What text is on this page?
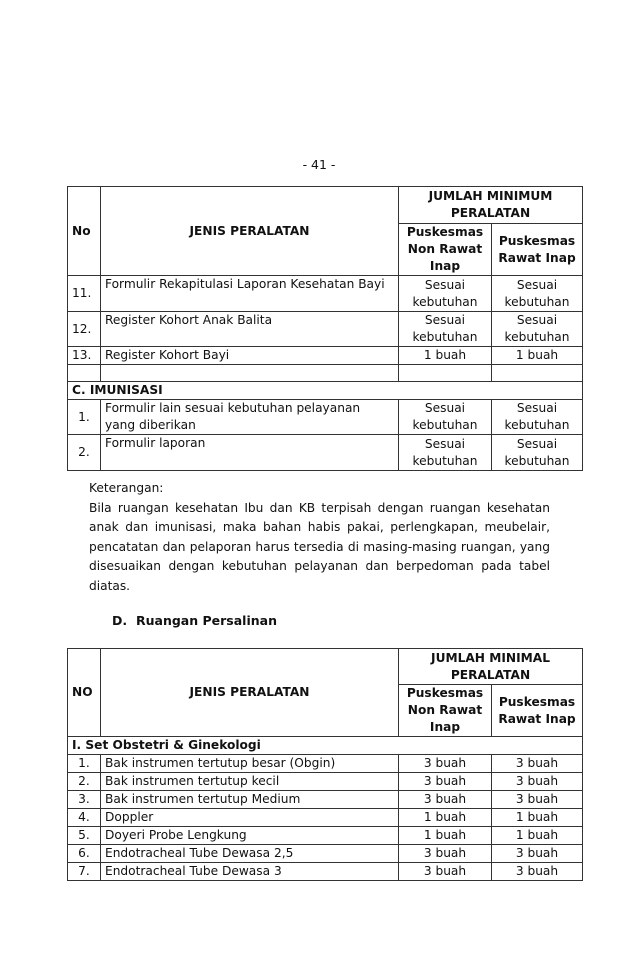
- 41 -
No	JENIS PERALATAN	JUMLAH MINIMUM PERALATAN	
		Puskesmas Non Rawat Inap	Puskesmas Rawat Inap
11.	Formulir Rekapitulasi Laporan Kesehatan Bayi	Sesuai kebutuhan	Sesuai kebutuhan
12.	Register Kohort Anak Balita	Sesuai kebutuhan	Sesuai kebutuhan
13.	Register Kohort Bayi	1 buah	1 buah

C. IMUNISASI			
1.	Formulir lain sesuai kebutuhan pelayanan yang diberikan	Sesuai kebutuhan	Sesuai kebutuhan
2.	Formulir laporan	Sesuai kebutuhan	Sesuai kebutuhan

Keterangan:

Bila ruangan kesehatan Ibu dan KB terpisah dengan ruangan kesehatan anak dan imunisasi, maka bahan habis pakai, perlengkapan, meubelair, pencatatan dan pelaporan harus tersedia di masing-masing ruangan, yang disesuaikan dengan kebutuhan pelayanan dan berpedoman pada tabel diatas.

D. Ruangan Persalinan
NO	JENIS PERALATAN	JUMLAH MINIMAL PERALATAN	
		Puskesmas Non Rawat Inap	Puskesmas Rawat Inap
I. Set Obstetri & Ginekologi			
1.	Bak instrumen tertutup besar (Obgin)	3 buah	3 buah
2.	Bak instrumen tertutup kecil	3 buah	3 buah
3.	Bak instrumen tertutup Medium	3 buah	3 buah
4.	Doppler	1 buah	1 buah
5.	Doyeri Probe Lengkung	1 buah	1 buah
6.	Endotracheal Tube Dewasa 2,5	3 buah	3 buah
7.	Endotracheal Tube Dewasa 3	3 buah	3 buah
